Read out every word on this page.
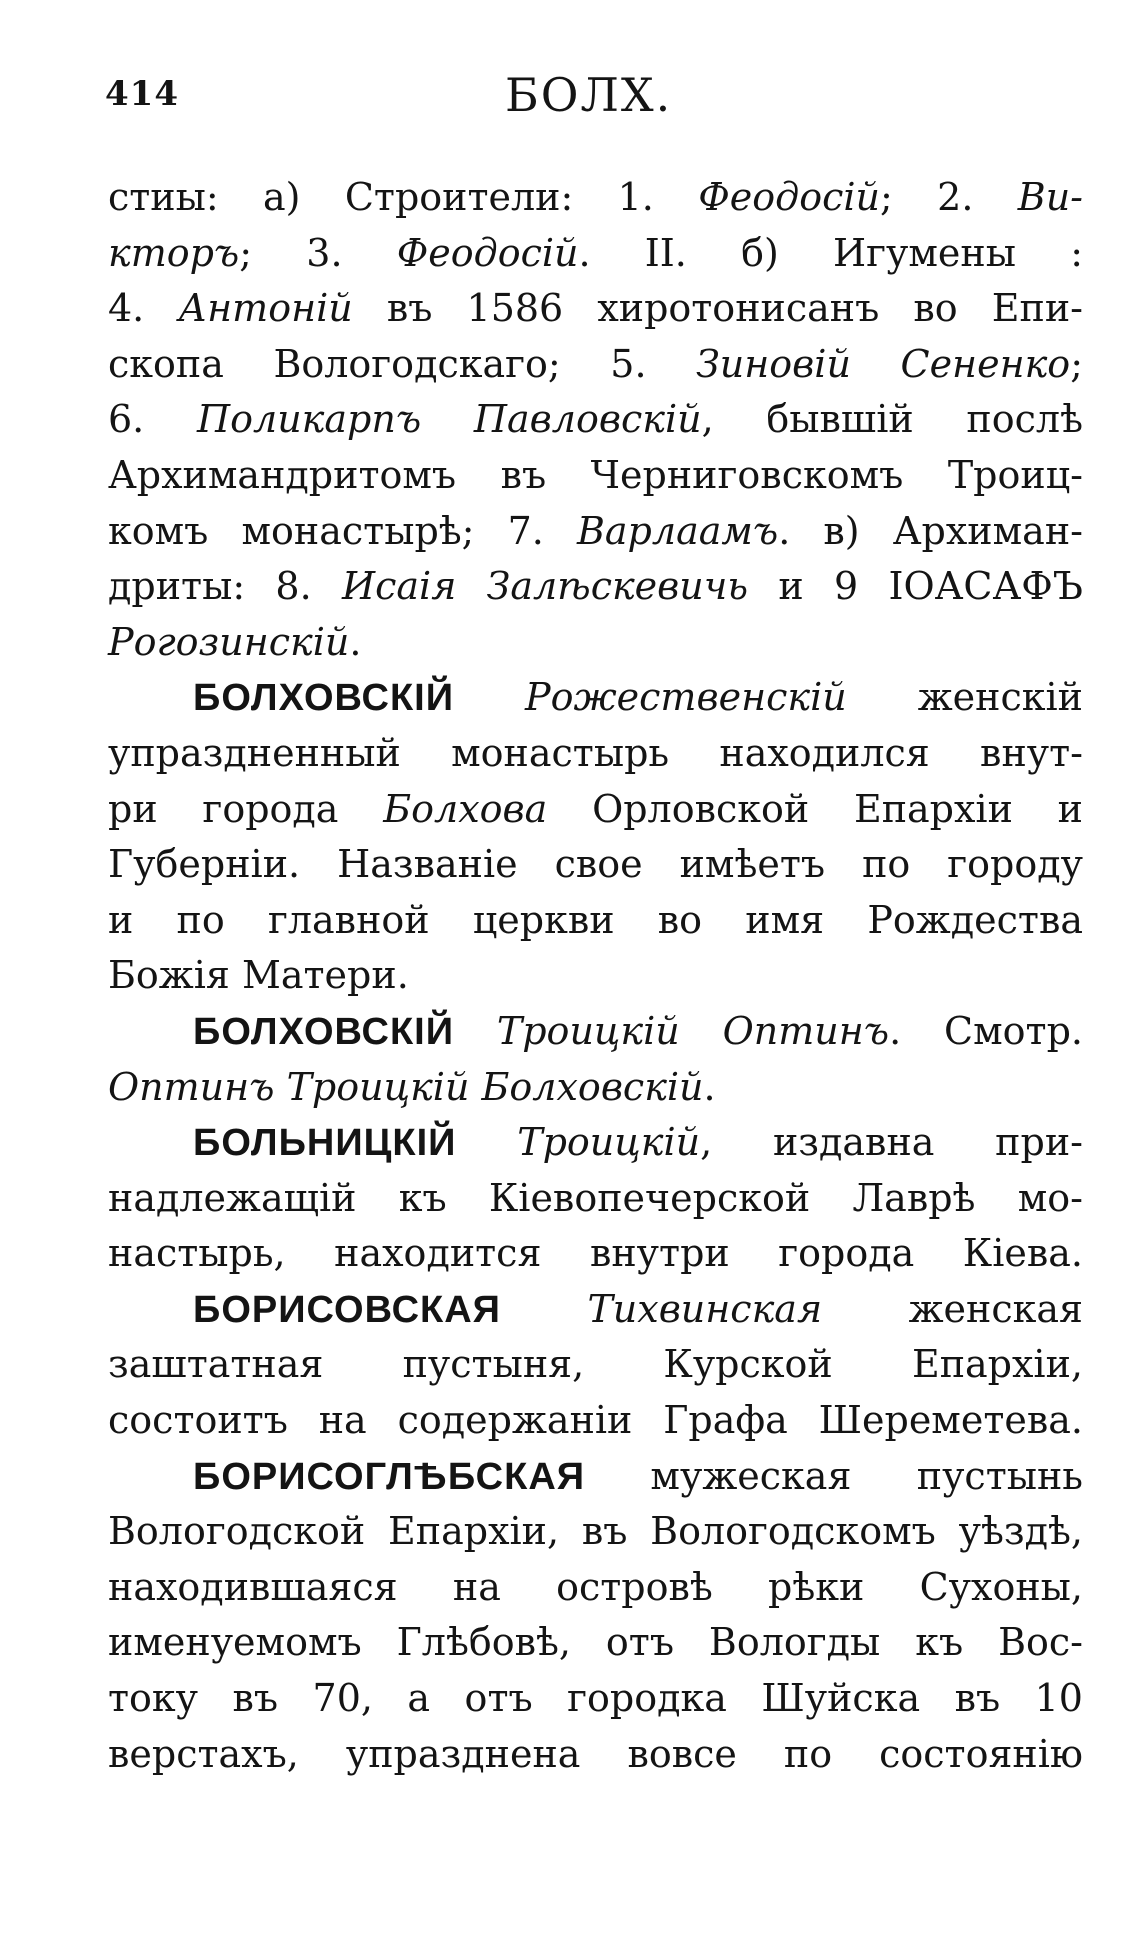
414	БОЛХ.
стиы: а) Строители: 1. Феодосій; 2. Ви-
кторъ; 3. Феодосій. II. б) Игумены :
4. Антоній въ 1586 хиротонисанъ во Епи-
скопа Вологодскаго; 5. Зиновій Сененко;
6. Поликарпъ Павловскій, бывшій послѣ
Архимандритомъ въ Черниговскомъ Троиц-
комъ монастырѣ; 7. Варлаамъ. в) Архиман-
дриты: 8. Исаія Залѣскевичь и 9 ІОАСАФЪ
Рогозинскій.
БОЛХОВСКІЙ Рожественскій женскій
упраздненный монастырь находился внут-
ри города Болхова Орловской Епархіи и
Губерніи. Названіе свое имѣетъ по городу
и по главной церкви во имя Рождества
Божія Матери.
БОЛХОВСКІЙ Троицкій Оптинъ. Смотр.
Оптинъ Троицкій Болховскій.
БОЛЬНИЦКІЙ Троицкій, издавна при-
надлежащій къ Кіевопечерской Лаврѣ мо-
настырь, находится внутри города Кіева.
БОРИСОВСКАЯ Тихвинская женская
заштатная пустыня, Курской Епархіи,
состоитъ на содержаніи Графа Шереметева.
БОРИСОГЛѢБСКАЯ мужеская пустынь
Вологодской Епархіи, въ Вологодскомъ уѣздѣ,
находившаяся на островѣ рѣки Сухоны,
именуемомъ Глѣбовѣ, отъ Вологды къ Вос-
току въ 70, а отъ городка Шуйска въ 10
верстахъ, упразднена вовсе по состоянію
